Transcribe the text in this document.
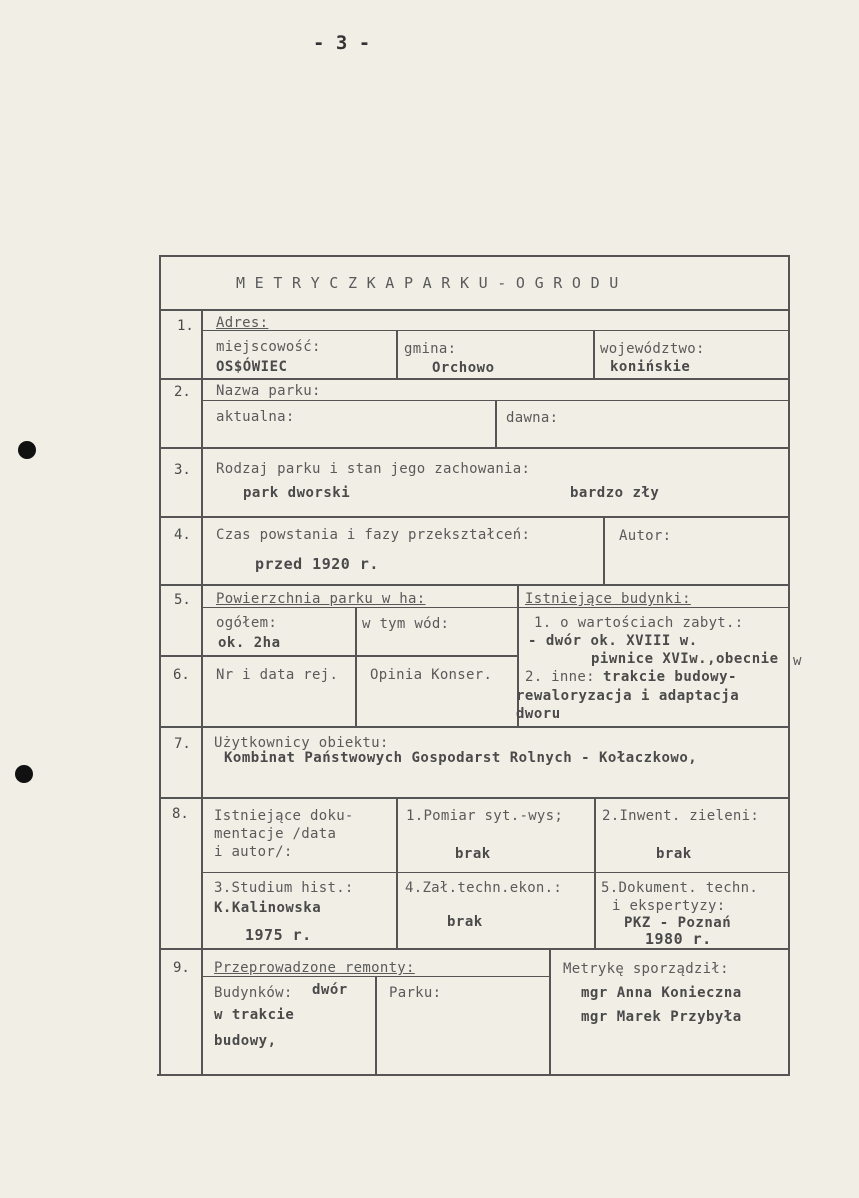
- 3 -
M E T R Y C Z K A P A R K U - O G R O D U
1. Adres:
miejscowość:
OS$ÓWIEC
gmina:
Orchowo
województwo:
konińskie
2. Nazwa parku:
aktualna:	dawna:
3. Rodzaj parku i stan jego zachowania:
park dworski	bardzo zły
4. Czas powstania i fazy przekształceń:
przed 1920 r.
Autor:
5. Powierzchnia parku w ha:
ogółem:
ok. 2ha
w tym wód:
Istniejące budynki:
1. o wartościach zabyt.:
- dwór ok. XVIII w.
piwnice XVIw.,obecnie
2. inne: trakcie budowy-
rewaloryzacja i adaptacja
dworu
w
6. Nr i data rej. Opinia Konser.
7. Użytkownicy obiektu:
Kombinat Państwowych Gospodarst Rolnych - Kołaczkowo,
8. Istniejące doku-
mentacje /data
i autor/:
1.Pomiar syt.-wys;
brak
2.Inwent. zieleni:
brak
3.Studium hist.:
K.Kalinowska
1975 r.
4.Zał.techn.ekon.:
brak
5.Dokument. techn.
i ekspertyzy:
PKZ - Poznań
1980 r.
9. Przeprowadzone remonty:
Budynków: dwór
w trakcie
budowy,
Parku:
Metrykę sporządził:
mgr Anna Konieczna
mgr Marek Przybyła
